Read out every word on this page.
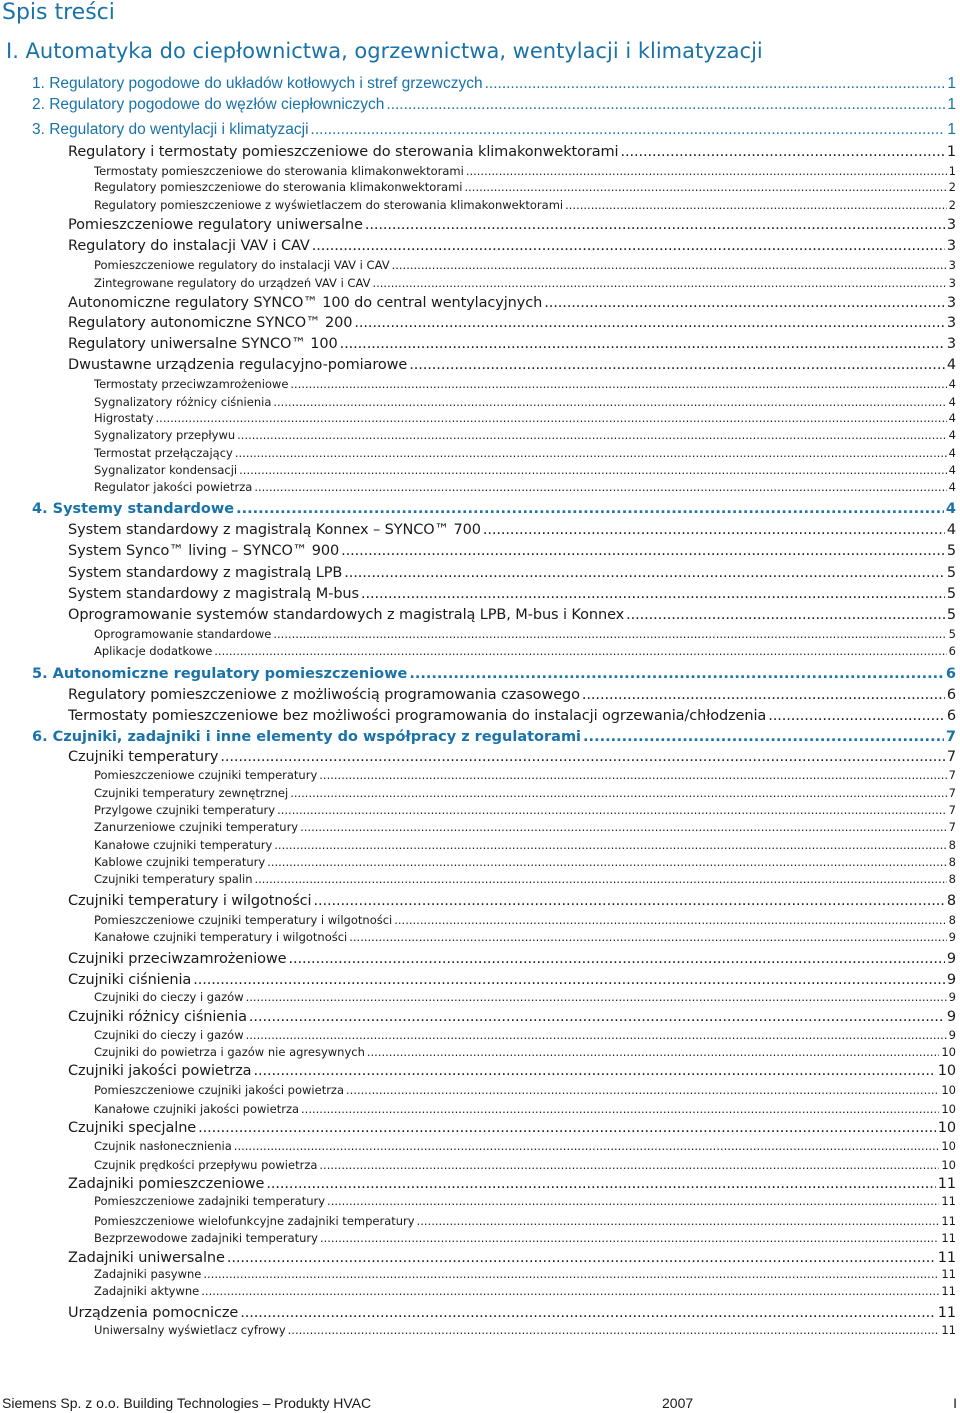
Spis treści
I. Automatyka do ciepłownictwa, ogrzewnictwa, wentylacji i klimatyzacji
1. Regulatory pogodowe do układów kotłowych i stref grzewczych .....	1
2. Regulatory pogodowe do węzłów ciepłowniczych .....	1
3. Regulatory do wentylacji i klimatyzacji .....	1
Regulatory i termostaty pomieszczeniowe do sterowania klimakonwektorami .....	1
Termostaty pomieszczeniowe do sterowania klimakonwektorami .....	1
Regulatory pomieszczeniowe do sterowania klimakonwektorami .....	2
Regulatory pomieszczeniowe z wyświetlaczem do sterowania klimakonwektorami .....	2
Pomieszczeniowe regulatory uniwersalne .....	3
Regulatory do instalacji VAV i CAV .....	3
Pomieszczeniowe regulatory do instalacji VAV i CAV .....	3
Zintegrowane regulatory do urządzeń VAV i CAV .....	3
Autonomiczne regulatory SYNCO™ 100 do central wentylacyjnych .....	3
Regulatory autonomiczne SYNCO™ 200 .....	3
Regulatory uniwersalne SYNCO™ 100 .....	3
Dwustawne urządzenia regulacyjno-pomiarowe .....	4
Termostaty przeciwzamrożeniowe .....	4
Sygnalizatory różnicy ciśnienia .....	4
Higrostaty .....	4
Sygnalizatory przepływu .....	4
Termostat przełączający .....	4
Sygnalizator kondensacji .....	4
Regulator jakości powietrza .....	4
4. Systemy standardowe .....	4
System standardowy z magistralą Konnex – SYNCO™ 700 .....	4
System Synco™ living – SYNCO™ 900 .....	5
System standardowy z magistralą LPB .....	5
System standardowy z magistralą M-bus .....	5
Oprogramowanie systemów standardowych z magistralą LPB, M-bus i Konnex .....	5
Oprogramowanie standardowe .....	5
Aplikacje dodatkowe .....	6
5. Autonomiczne regulatory pomieszczeniowe .....	6
Regulatory pomieszczeniowe z możliwością programowania czasowego .....	6
Termostaty pomieszczeniowe bez możliwości programowania do instalacji ogrzewania/chłodzenia .....	6
6. Czujniki, zadajniki i inne elementy do współpracy z regulatorami .....	7
Czujniki temperatury .....	7
Pomieszczeniowe czujniki temperatury .....	7
Czujniki temperatury zewnętrznej .....	7
Przylgowe czujniki temperatury .....	7
Zanurzeniowe czujniki temperatury .....	7
Kanałowe czujniki temperatury .....	8
Kablowe czujniki temperatury .....	8
Czujniki temperatury spalin .....	8
Czujniki temperatury i wilgotności .....	8
Pomieszczeniowe czujniki temperatury i wilgotności .....	8
Kanałowe czujniki temperatury i wilgotności .....	9
Czujniki przeciwzamrożeniowe .....	9
Czujniki ciśnienia .....	9
Czujniki do cieczy i gazów .....	9
Czujniki różnicy ciśnienia .....	9
Czujniki do cieczy i gazów .....	9
Czujniki do powietrza i gazów nie agresywnych .....	10
Czujniki jakości powietrza .....	10
Pomieszczeniowe czujniki jakości powietrza .....	10
Kanałowe czujniki jakości powietrza .....	10
Czujniki specjalne .....	10
Czujnik nasłonecznienia .....	10
Czujnik prędkości przepływu powietrza .....	10
Zadajniki pomieszczeniowe .....	11
Pomieszczeniowe zadajniki temperatury .....	11
Pomieszczeniowe wielofunkcyjne zadajniki temperatury .....	11
Bezprzewodowe zadajniki temperatury .....	11
Zadajniki uniwersalne .....	11
Zadajniki pasywne .....	11
Zadajniki aktywne .....	11
Urządzenia pomocnicze .....	11
Uniwersalny wyświetlacz cyfrowy .....	11
Siemens Sp. z o.o. Building Technologies – Produkty HVAC	2007	I
